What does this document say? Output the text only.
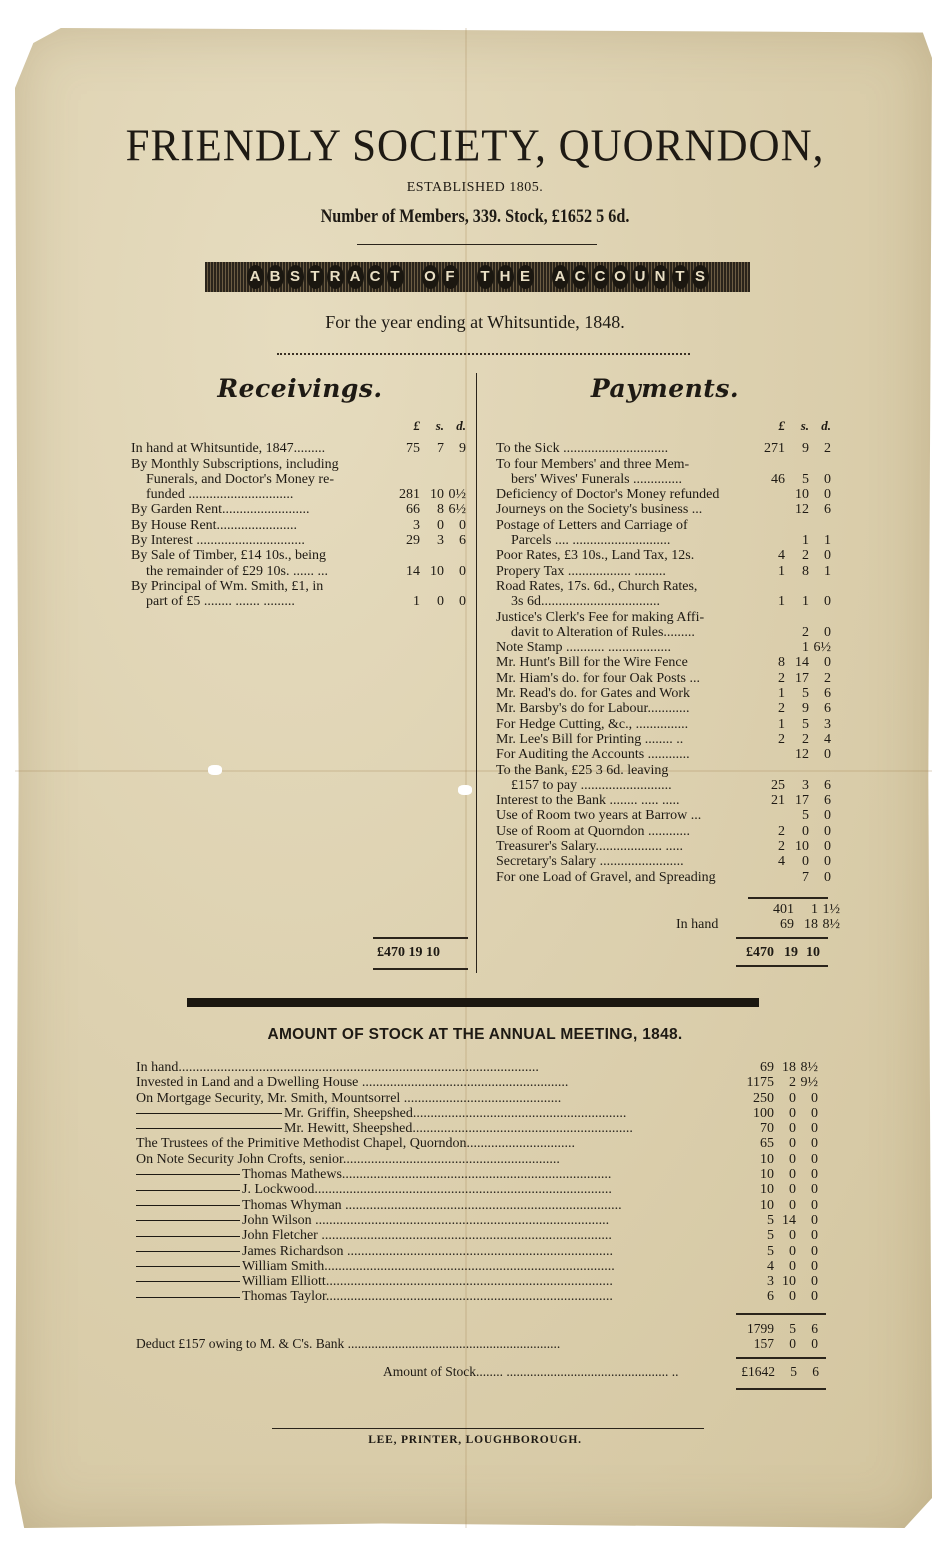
FRIENDLY SOCIETY, QUORNDON,
ESTABLISHED 1805.
Number of Members, 339. Stock, £1652 5 6d.
A B S T R A C T O F T H E A C C O U N T S
For the year ending at Whitsuntide, 1848.
Receivings.	Payments.
	£	s.	d.
In hand at Whitsuntide, 1847.........	75	7	9
By Monthly Subscriptions, including			
Funerals, and Doctor's Money re-			
funded ..............................	281	10	0½
By Garden Rent.........................	66	8	6½
By House Rent.......................	3	0	0
By Interest ...............................	29	3	6
By Sale of Timber, £14 10s., being			
the remainder of £29 10s. ...... ...	14	10	0
By Principal of Wm. Smith, £1, in			
part of £5 ........ ....... .........	1	0	0
	£	s.	d.
To the Sick ..............................	271	9	2
To four Members' and three Mem-			
bers' Wives' Funerals ..............	46	5	0
Deficiency of Doctor's Money refunded		10	0
Journeys on the Society's business ...		12	6
Postage of Letters and Carriage of			
Parcels .... ............................		1	1
Poor Rates, £3 10s., Land Tax, 12s.	4	2	0
Propery Tax .................. .........	1	8	1
Road Rates, 17s. 6d., Church Rates,			
3s 6d..................................	1	1	0
Justice's Clerk's Fee for making Affi-			
davit to Alteration of Rules.........		2	0
Note Stamp ........... ..................		1	6½
Mr. Hunt's Bill for the Wire Fence	8	14	0
Mr. Hiam's do. for four Oak Posts ...	2	17	2
Mr. Read's do. for Gates and Work	1	5	6
Mr. Barsby's do for Labour............	2	9	6
For Hedge Cutting, &c., ...............	1	5	3
Mr. Lee's Bill for Printing ........ ..	2	2	4
For Auditing the Accounts ............		12	0
To the Bank, £25 3 6d. leaving			
£157 to pay ..........................	25	3	6
Interest to the Bank ........ ..... .....	21	17	6
Use of Room two years at Barrow ...		5	0
Use of Room at Quorndon ............	2	0	0
Treasurer's Salary................... .....	2	10	0
Secretary's Salary ........................	4	0	0
For one Load of Gravel, and Spreading		7	0
	401	1	1½
In hand	69	18	8½
£470	19	10
£470 19 10
AMOUNT OF STOCK AT THE ANNUAL MEETING, 1848.
In hand.......................................................................................................	69	18	8½
Invested in Land and a Dwelling House ...........................................................	1175	2	9½
On Mortgage Security, Mr. Smith, Mountsorrel .............................................	250	0	0
Mr. Griffin, Sheepshed.............................................................	100	0	0
Mr. Hewitt, Sheepshed...............................................................	70	0	0
The Trustees of the Primitive Methodist Chapel, Quorndon...............................	65	0	0
On Note Security John Crofts, senior..............................................................	10	0	0
Thomas Mathews.............................................................................	10	0	0
J. Lockwood.....................................................................................	10	0	0
Thomas Whyman ...............................................................................	10	0	0
John Wilson ....................................................................................	5	14	0
John Fletcher ...................................................................................	5	0	0
James Richardson ............................................................................	5	0	0
William Smith...................................................................................	4	0	0
William Elliott..................................................................................	3	10	0
Thomas Taylor..................................................................................	6	0	0
	1799	5	6
Deduct £157 owing to M. & C's. Bank ...............................................................	157	0	0
Amount of Stock........ ................................................ ..	£1642	5	6
LEE, PRINTER, LOUGHBOROUGH.
